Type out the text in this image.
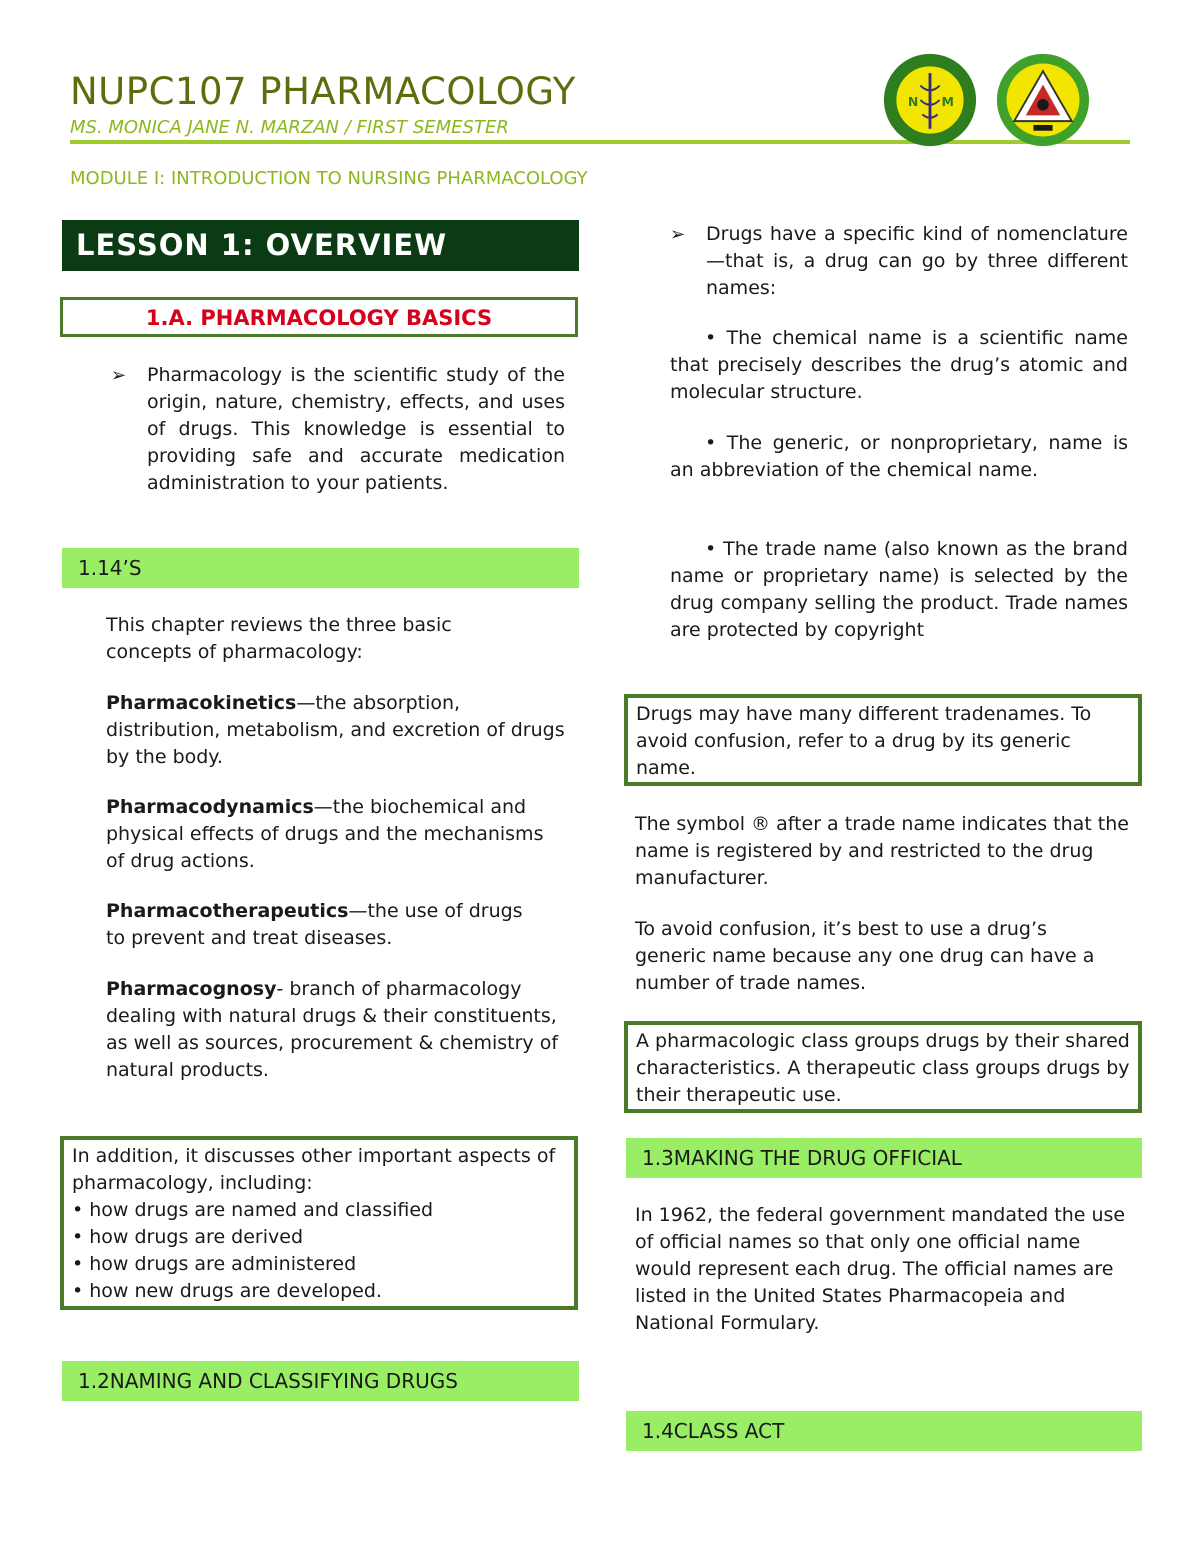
NUPC107 PHARMACOLOGY
MS. MONICA JANE N. MARZAN / FIRST SEMESTER
MODULE I: INTRODUCTION TO NURSING PHARMACOLOGY
N M
LESSON 1: OVERVIEW
1.A. PHARMACOLOGY BASICS
➢ Pharmacology is the scientific study of the origin, nature, chemistry, effects, and uses of drugs. This knowledge is essential to providing safe and accurate medication administration to your patients.
1.14’S
This chapter reviews the three basic concepts of pharmacology:
Pharmacokinetics—the absorption, distribution, metabolism, and excretion of drugs by the body.
Pharmacodynamics—the biochemical and physical effects of drugs and the mechanisms of drug actions.
Pharmacotherapeutics—the use of drugs to prevent and treat diseases.
Pharmacognosy- branch of pharmacology dealing with natural drugs & their constituents, as well as sources, procurement & chemistry of natural products.
In addition, it discusses other important aspects of pharmacology, including:
• how drugs are named and classified
• how drugs are derived
• how drugs are administered
• how new drugs are developed.
1.2NAMING AND CLASSIFYING DRUGS
➢ Drugs have a specific kind of nomenclature—that is, a drug can go by three different names:
• The chemical name is a scientific name that precisely describes the drug’s atomic and molecular structure.
• The generic, or nonproprietary, name is an abbreviation of the chemical name.
• The trade name (also known as the brand name or proprietary name) is selected by the drug company selling the product. Trade names are protected by copyright
Drugs may have many different tradenames. To avoid confusion, refer to a drug by its generic name.
The symbol ® after a trade name indicates that the name is registered by and restricted to the drug manufacturer.
To avoid confusion, it’s best to use a drug’s generic name because any one drug can have a number of trade names.
A pharmacologic class groups drugs by their shared characteristics. A therapeutic class groups drugs by their therapeutic use.
1.3MAKING THE DRUG OFFICIAL
In 1962, the federal government mandated the use of official names so that only one official name would represent each drug. The official names are listed in the United States Pharmacopeia and National Formulary.
1.4CLASS ACT
